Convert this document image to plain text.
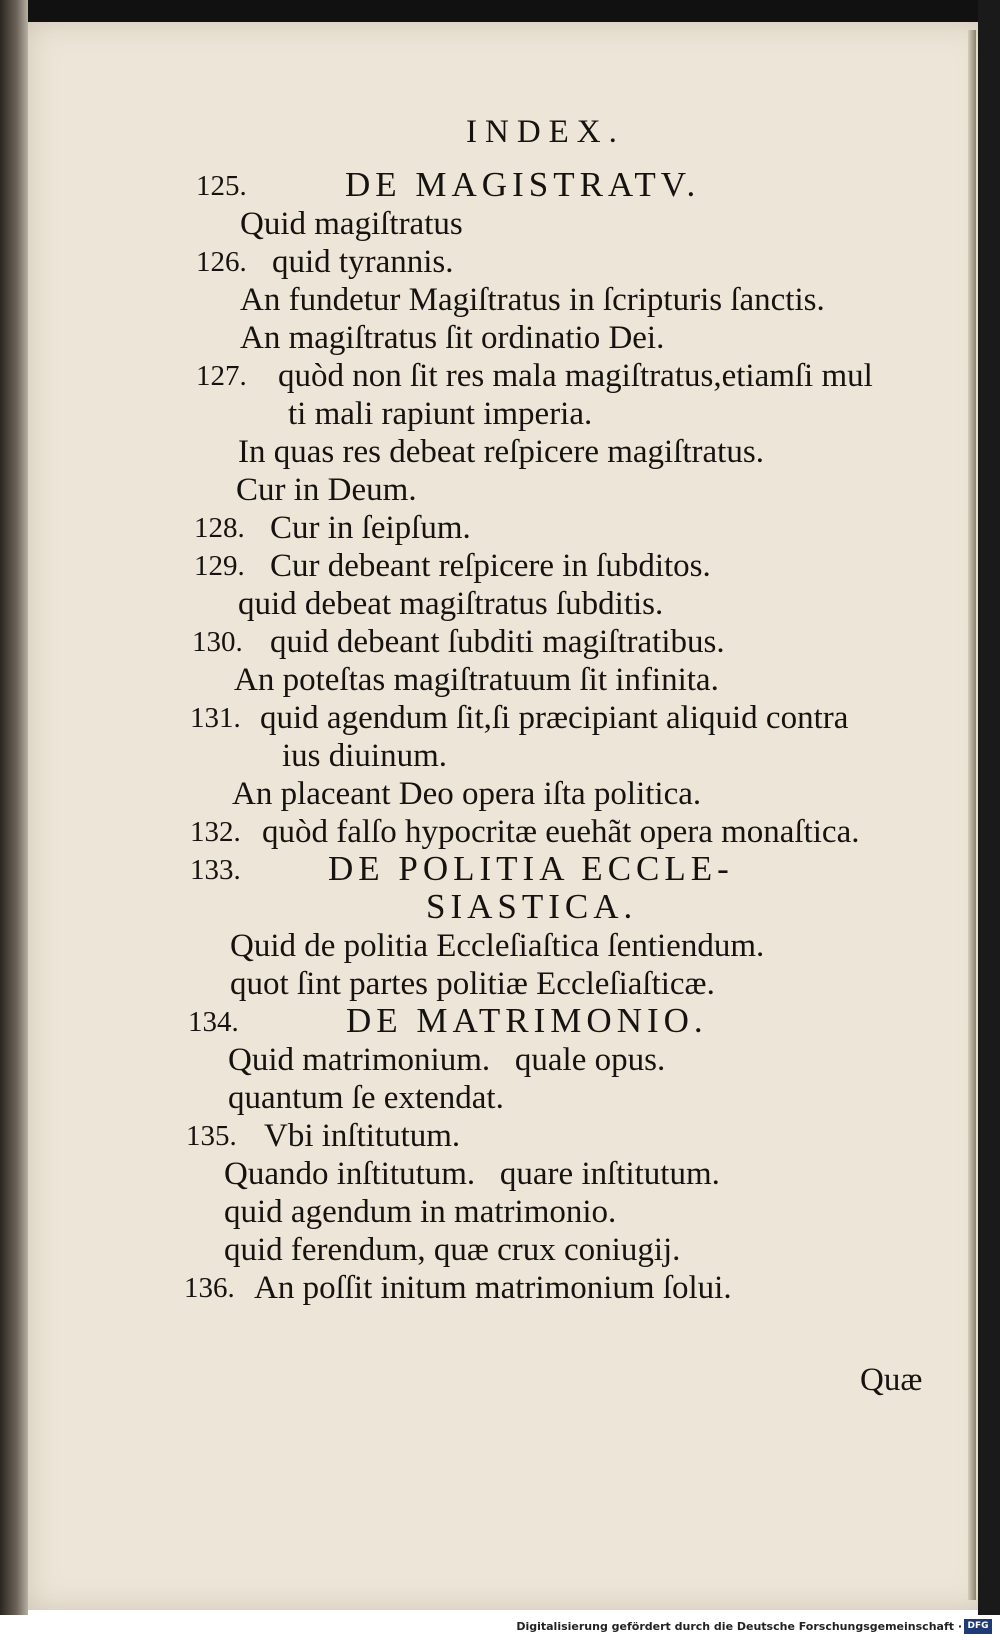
INDEX.
125.	DE MAGISTRATV.
Quid magiſtratus
126. quid tyrannis.
An fundetur Magiſtratus in ſcripturis ſanctis.
An magiſtratus ſit ordinatio Dei.
127. quòd non ſit res mala magiſtratus,etiamſi mul
ti mali rapiunt imperia.
In quas res debeat reſpicere magiſtratus.
Cur in Deum.
128. Cur in ſeipſum.
129. Cur debeant reſpicere in ſubditos.
quid debeat magiſtratus ſubditis.
130. quid debeant ſubditi magiſtratibus.
An poteſtas magiſtratuum ſit infinita.
131. quid agendum ſit,ſi præcipiant aliquid contra
ius diuinum.
An placeant Deo opera iſta politica.
132. quòd falſo hypocritæ euehãt opera monaſtica.
133. DE POLITIA ECCLE-
SIASTICA.
Quid de politia Eccleſiaſtica ſentiendum.
quot ſint partes politiæ Eccleſiaſticæ.
134.	DE MATRIMONIO.
Quid matrimonium.   quale opus.
quantum ſe extendat.
135. Vbi inſtitutum.
Quando inſtitutum.   quare inſtitutum.
quid agendum in matrimonio.
quid ferendum, quæ crux coniugij.
136. An poſſit initum matrimonium ſolui.
Quæ
Digitalisierung gefördert durch die Deutsche Forschungsgemeinschaft · DFG
